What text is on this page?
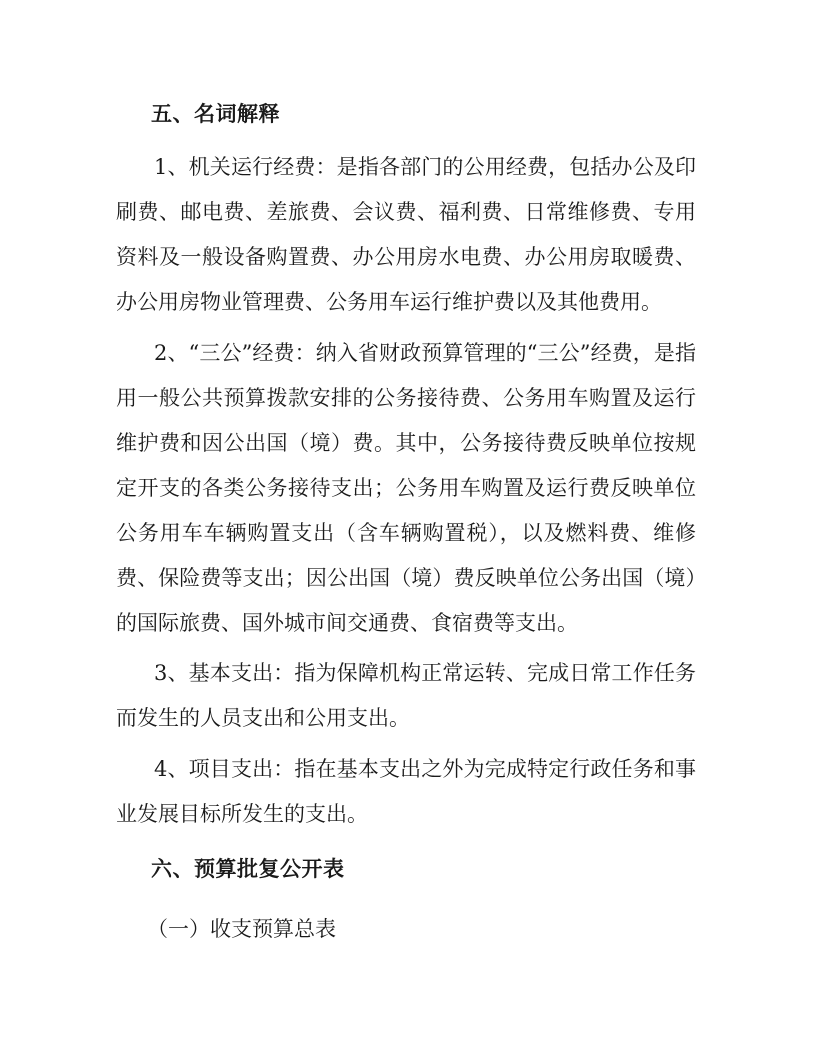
五、名词解释

1、机关运行经费：是指各部门的公用经费，包括办公及印刷费、邮电费、差旅费、会议费、福利费、日常维修费、专用资料及一般设备购置费、办公用房水电费、办公用房取暖费、办公用房物业管理费、公务用车运行维护费以及其他费用。

2、“三公”经费：纳入省财政预算管理的“三公”经费，是指用一般公共预算拨款安排的公务接待费、公务用车购置及运行维护费和因公出国（境）费。其中，公务接待费反映单位按规定开支的各类公务接待支出；公务用车购置及运行费反映单位公务用车车辆购置支出（含车辆购置税），以及燃料费、维修费、保险费等支出；因公出国（境）费反映单位公务出国（境）的国际旅费、国外城市间交通费、食宿费等支出。

3、基本支出：指为保障机构正常运转、完成日常工作任务而发生的人员支出和公用支出。

4、项目支出：指在基本支出之外为完成特定行政任务和事业发展目标所发生的支出。

六、预算批复公开表
（一）收支预算总表
